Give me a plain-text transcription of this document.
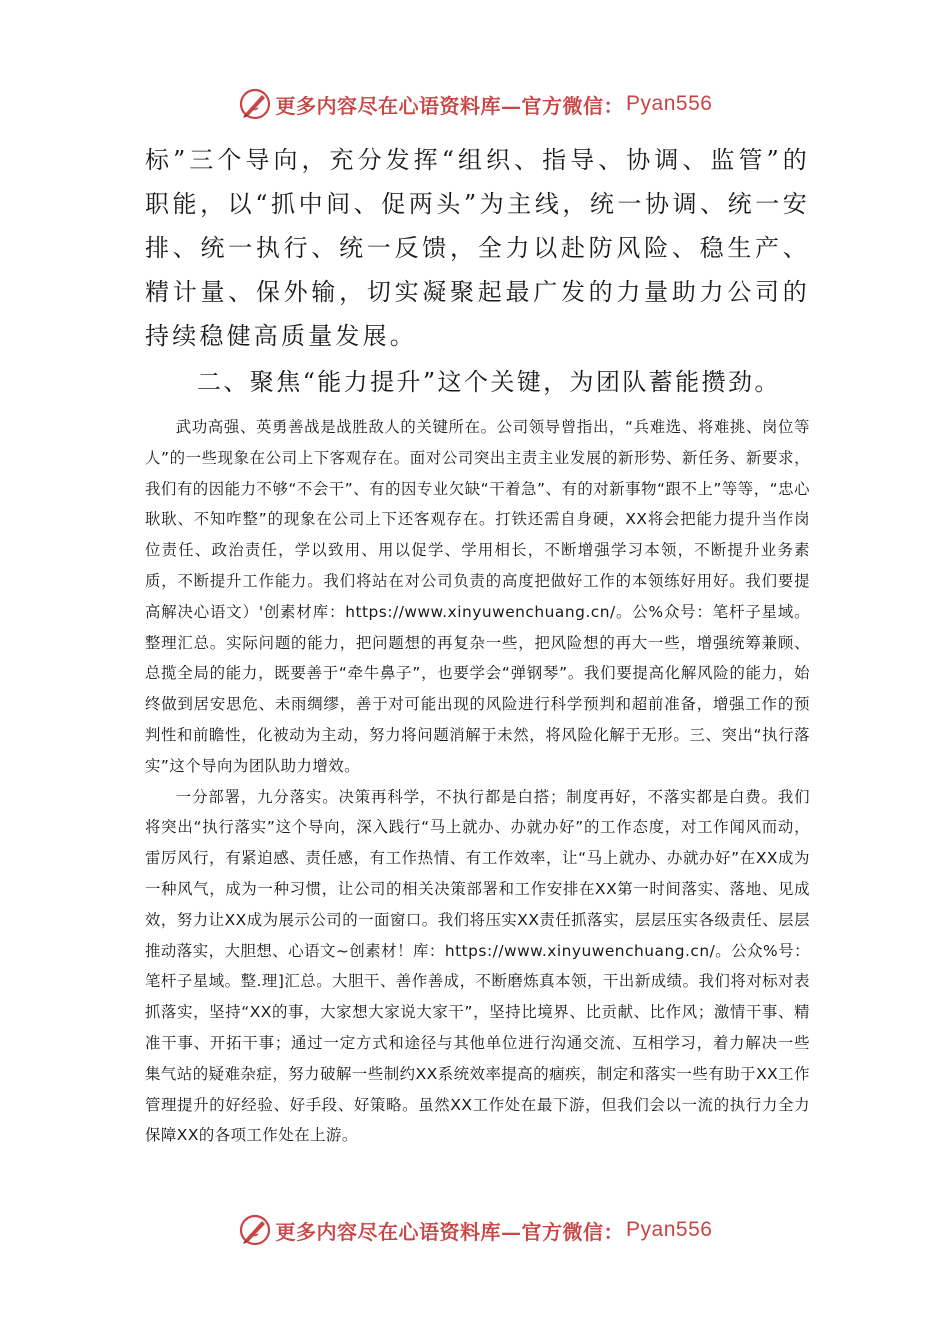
更多内容尽在心语资料库—官方微信： Pyan556

标”三个导向，充分发挥“组织、指导、协调、监管”的职能，以“抓中间、促两头”为主线，统一协调、统一安排、统一执行、统一反馈，全力以赴防风险、稳生产、精计量、保外输，切实凝聚起最广发的力量助力公司的持续稳健高质量发展。

二、聚焦“能力提升”这个关键，为团队蓄能攒劲。

武功高强、英勇善战是战胜敌人的关键所在。公司领导曾指出，“兵难选、将难挑、岗位等人”的一些现象在公司上下客观存在。面对公司突出主责主业发展的新形势、新任务、新要求，我们有的因能力不够“不会干”、有的因专业欠缺“干着急”、有的对新事物“跟不上”等等，“忠心耿耿、不知咋整”的现象在公司上下还客观存在。打铁还需自身硬，XX将会把能力提升当作岗位责任、政治责任，学以致用、用以促学、学用相长，不断增强学习本领，不断提升业务素质，不断提升工作能力。我们将站在对公司负责的高度把做好工作的本领练好用好。我们要提高解决心语文）'创素材库：https://www.xinyuwenchuang.cn/。公%众号：笔杆子星域。整理汇总。实际问题的能力，把问题想的再复杂一些，把风险想的再大一些，增强统筹兼顾、总揽全局的能力，既要善于“牵牛鼻子”，也要学会“弹钢琴”。我们要提高化解风险的能力，始终做到居安思危、未雨绸缪，善于对可能出现的风险进行科学预判和超前准备，增强工作的预判性和前瞻性，化被动为主动，努力将问题消解于未然，将风险化解于无形。三、突出“执行落实”这个导向为团队助力增效。

一分部署，九分落实。决策再科学，不执行都是白搭；制度再好，不落实都是白费。我们将突出“执行落实”这个导向，深入践行“马上就办、办就办好”的工作态度，对工作闻风而动，雷厉风行，有紧迫感、责任感，有工作热情、有工作效率，让“马上就办、办就办好”在XX成为一种风气，成为一种习惯，让公司的相关决策部署和工作安排在XX第一时间落实、落地、见成效，努力让XX成为展示公司的一面窗口。我们将压实XX责任抓落实，层层压实各级责任、层层推动落实，大胆想、心语文~创素材！库：https://www.xinyuwenchuang.cn/。公众%号：笔杆子星域。整.理]汇总。大胆干、善作善成，不断磨炼真本领，干出新成绩。我们将对标对表抓落实，坚持“XX的事，大家想大家说大家干”，坚持比境界、比贡献、比作风；激情干事、精准干事、开拓干事；通过一定方式和途径与其他单位进行沟通交流、互相学习，着力解决一些集气站的疑难杂症，努力破解一些制约XX系统效率提高的痼疾，制定和落实一些有助于XX工作管理提升的好经验、好手段、好策略。虽然XX工作处在最下游，但我们会以一流的执行力全力保障XX的各项工作处在上游。

更多内容尽在心语资料库—官方微信： Pyan556
